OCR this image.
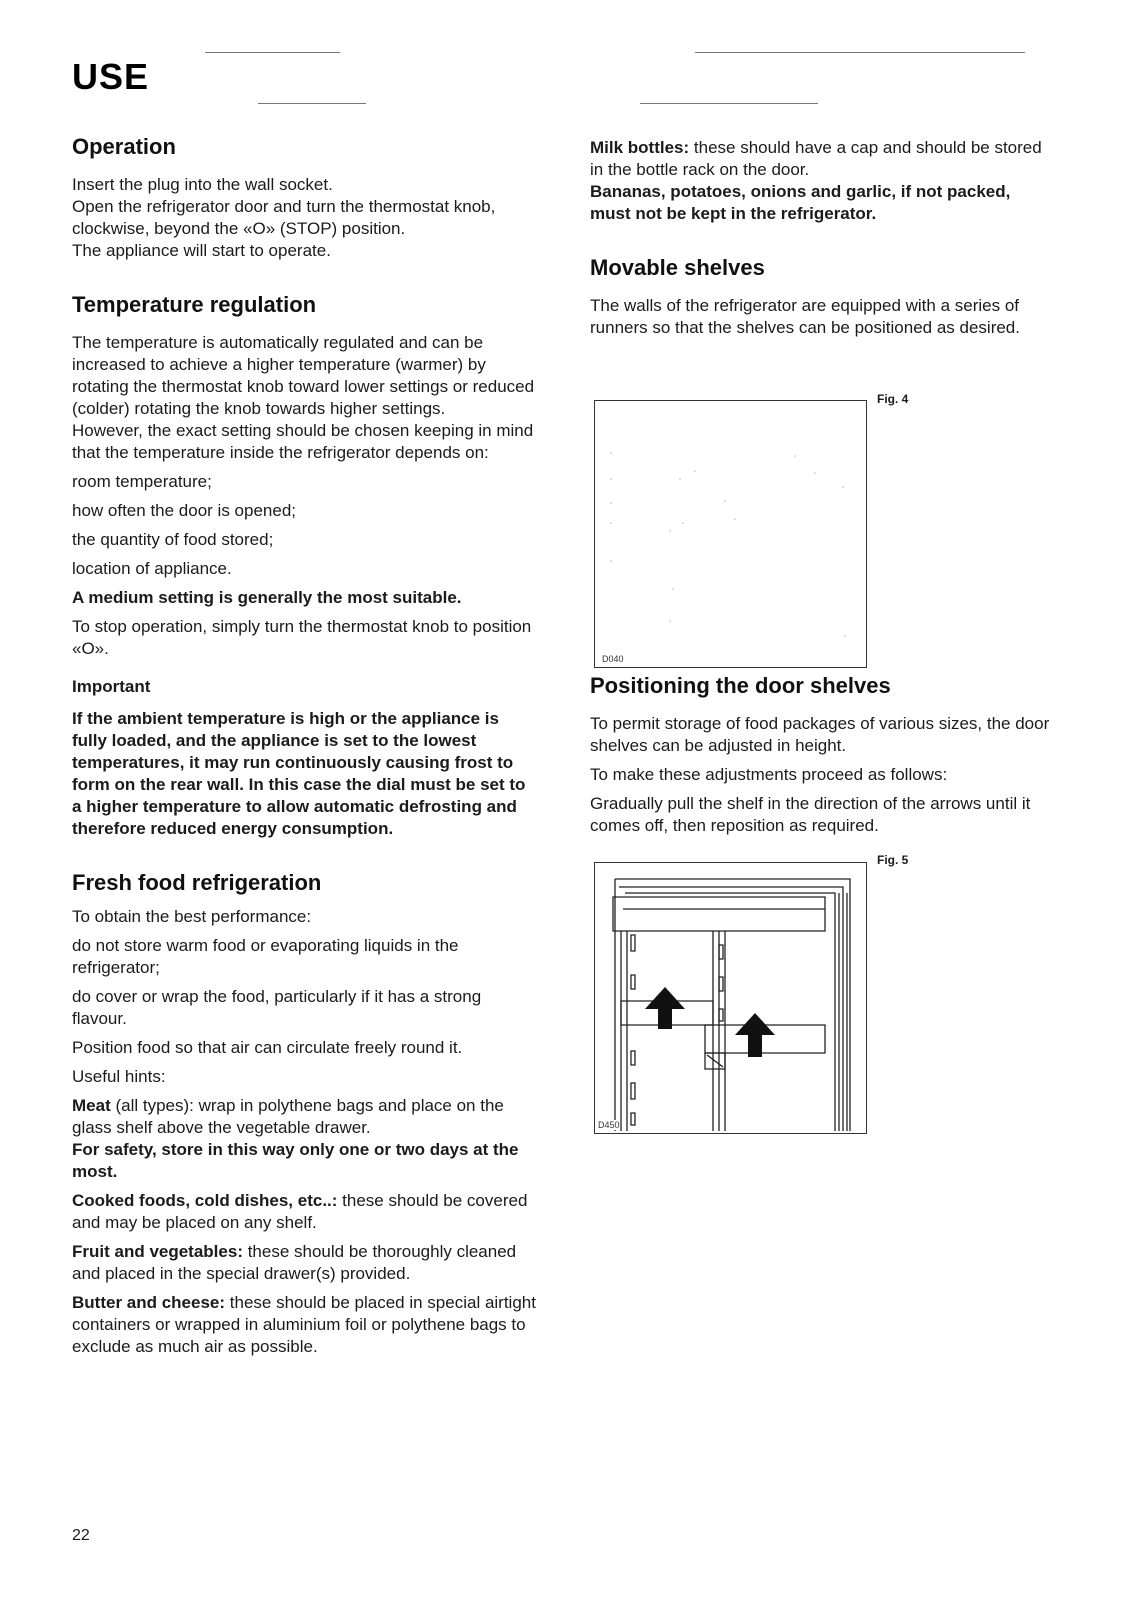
USE
Operation

Insert the plug into the wall socket.

Open the refrigerator door and turn the thermostat knob, clockwise, beyond the «O» (STOP) position.

The appliance will start to operate.

Temperature regulation

The temperature is automatically regulated and can be increased to achieve a higher temperature (warmer) by rotating the thermostat knob toward lower settings or reduced (colder) rotating the knob towards higher settings.

However, the exact setting should be chosen keeping in mind that the temperature inside the refrigerator depends on:

room temperature;

how often the door is opened;

the quantity of food stored;

location of appliance.

A medium setting is generally the most suitable.

To stop operation, simply turn the thermostat knob to position «O».

Important

If the ambient temperature is high or the appliance is fully loaded, and the appliance is set to the lowest temperatures, it may run continuously causing frost to form on the rear wall. In this case the dial must be set to a higher temperature to allow automatic defrosting and therefore reduced energy consumption.

Fresh food refrigeration

To obtain the best performance:

do not store warm food or evaporating liquids in the refrigerator;

do cover or wrap the food, particularly if it has a strong flavour.

Position food so that air can circulate freely round it.

Useful hints:

Meat (all types): wrap in polythene bags and place on the glass shelf above the vegetable drawer.

For safety, store in this way only one or two days at the most.

Cooked foods, cold dishes, etc..: these should be covered and may be placed on any shelf.

Fruit and vegetables: these should be thoroughly cleaned and placed in the special drawer(s) provided.

Butter and cheese: these should be placed in special airtight containers or wrapped in aluminium foil or polythene bags to exclude as much air as possible.

Milk bottles: these should have a cap and should be stored in the bottle rack on the door.

Bananas, potatoes, onions and garlic, if not packed, must not be kept in the refrigerator.

Movable shelves

The walls of the refrigerator are equipped with a series of runners so that the shelves can be positioned as desired.

D040
Fig. 4
Positioning the door shelves

To permit storage of food packages of various sizes, the door shelves can be adjusted in height.

To make these adjustments proceed as follows:

Gradually pull the shelf in the direction of the arrows until it comes off, then reposition as required.

D450
Fig. 5
22
